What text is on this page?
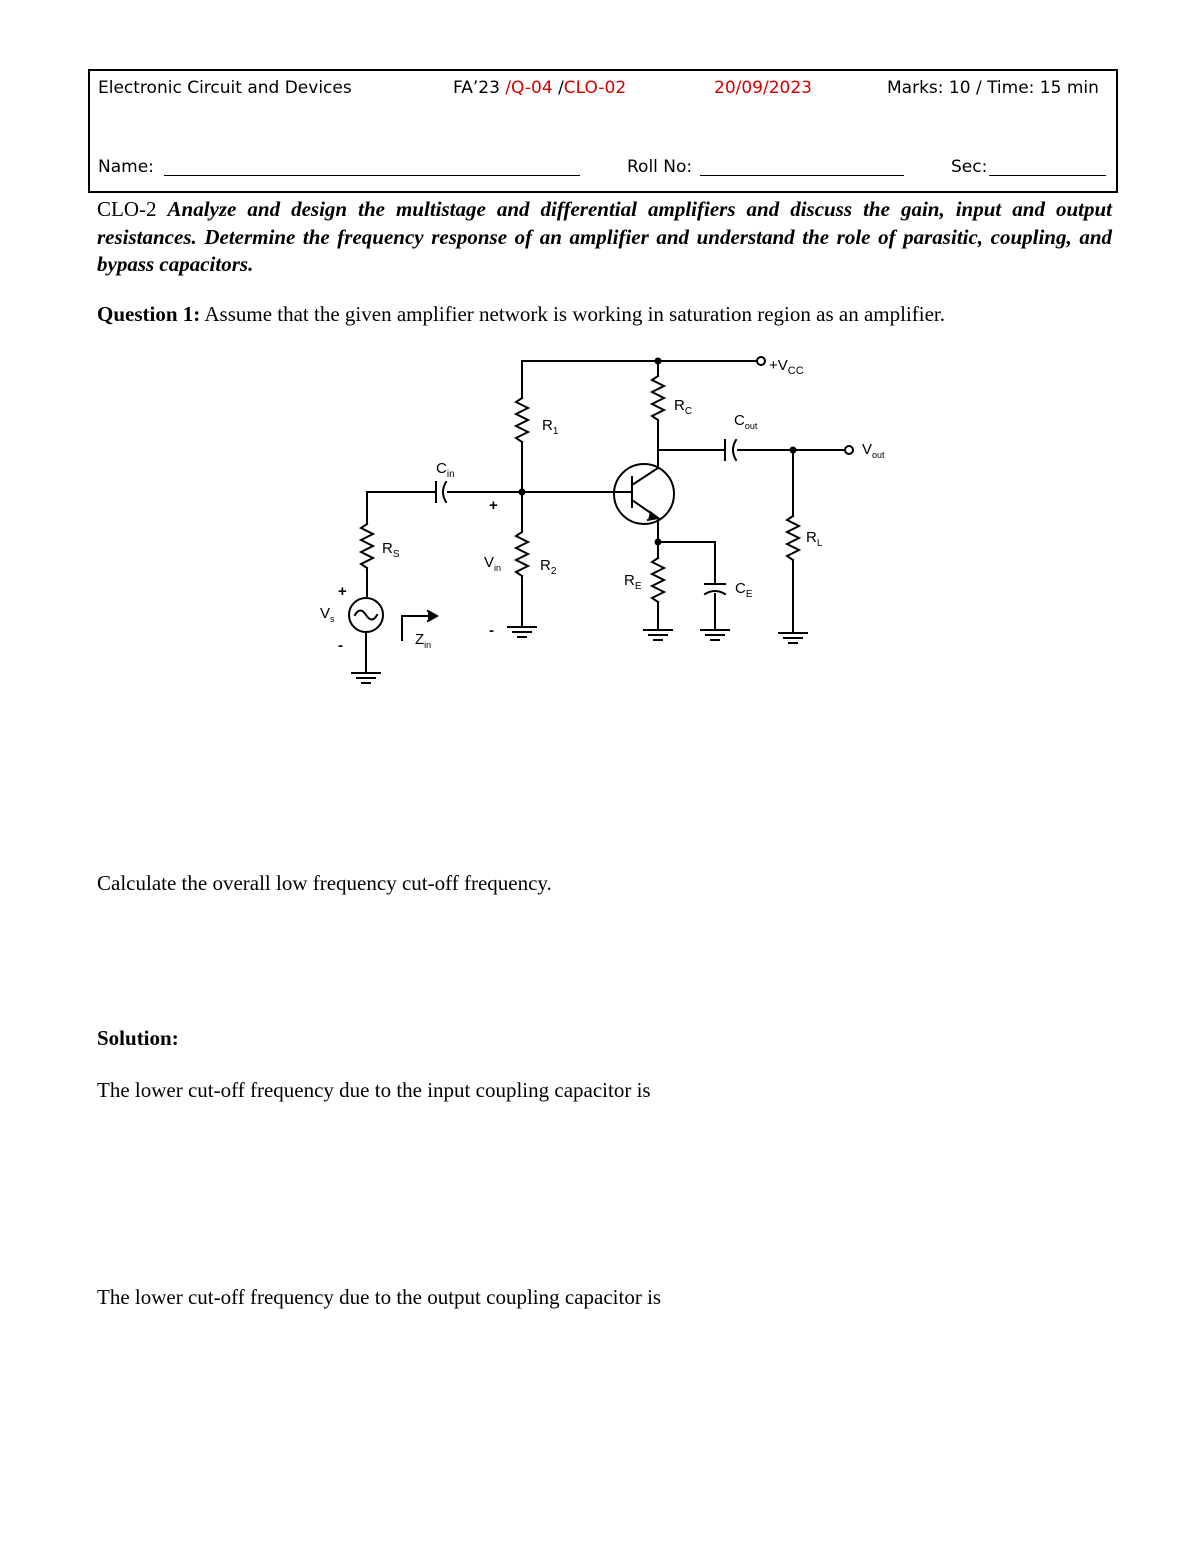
Electronic Circuit and Devices	FA’23 /Q-04 /CLO-02	20/09/2023	Marks: 10 / Time: 15 min
Name:	Roll No:	Sec:
CLO-2 Analyze and design the multistage and differential amplifiers and discuss the gain, input and output resistances. Determine the frequency response of an amplifier and understand the role of parasitic, coupling, and bypass capacitors.
Question 1: Assume that the given amplifier network is working in saturation region as an amplifier.
$+V_{CC}$
$V_{out}$
$R_1$
$R_2$
$R_C$
$R_E$
$R_L$
$R_S$
$C_{in}$
$C_{out}$
$C_E$
$V_{in}$
$V_s$
$Z_{in}$
+
-
+
-
Calculate the overall low frequency cut-off frequency.
Solution:
The lower cut-off frequency due to the input coupling capacitor is
The lower cut-off frequency due to the output coupling capacitor is
